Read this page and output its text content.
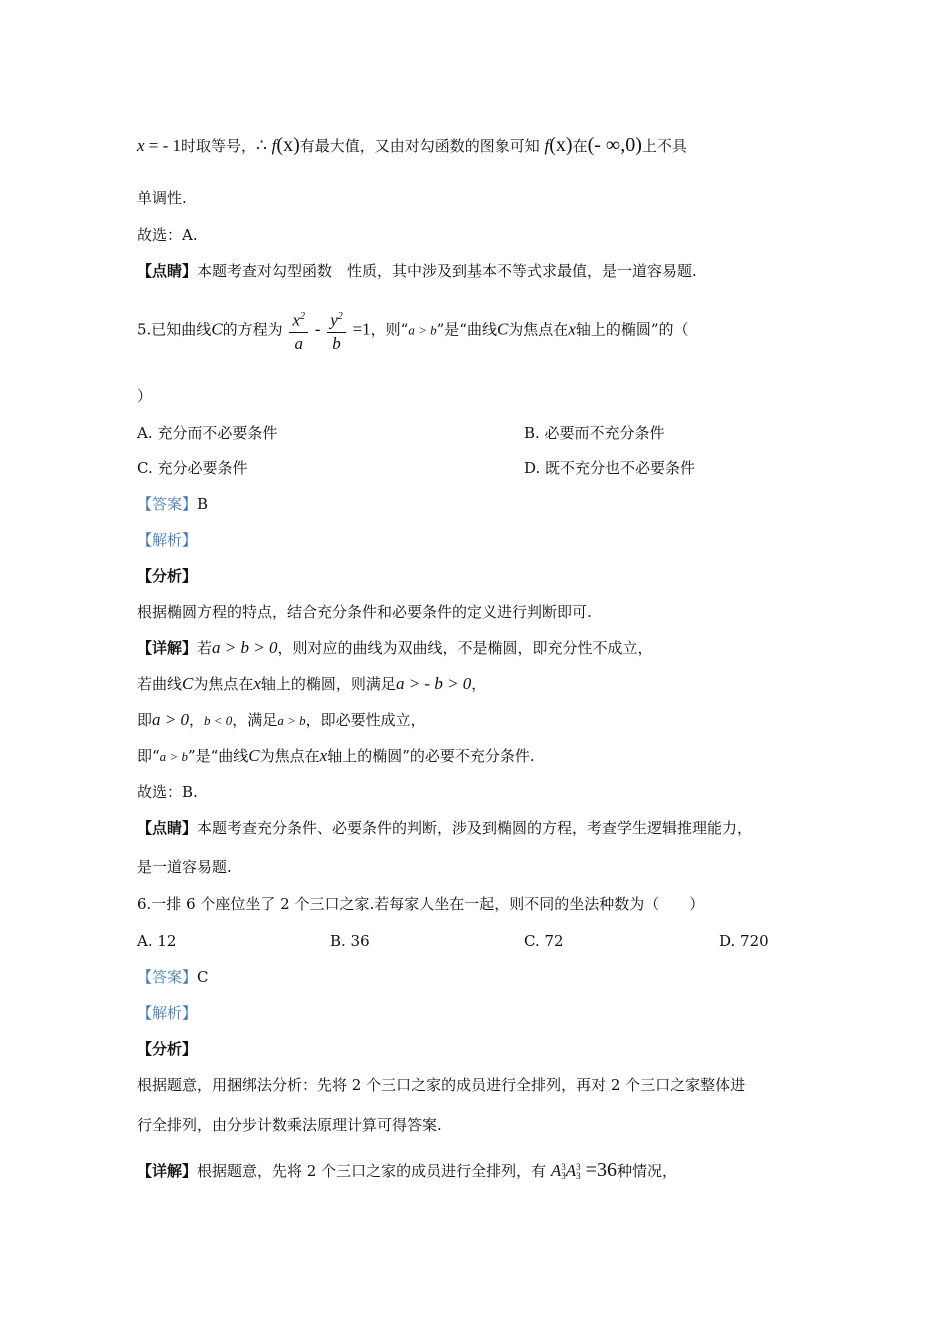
x = - 1时取等号，∴ f(x)有最大值，又由对勾函数的图象可知 f(x)在(- ∞,0)上不具
单调性.
故选：A.
【点睛】本题考查对勾型函数　性质，其中涉及到基本不等式求最值，是一道容易题.
5.已知曲线C的方程为 $\frac{x^2}{a} - \frac{y^2}{b} =1$，则“a > b”是“曲线C为焦点在x轴上的椭圆”的（
）
A. 充分而不必要条件	B. 必要而不充分条件
C. 充分必要条件	D. 既不充分也不必要条件
【答案】B
【解析】
【分析】
根据椭圆方程的特点，结合充分条件和必要条件的定义进行判断即可.
【详解】若a > b > 0，则对应的曲线为双曲线，不是椭圆，即充分性不成立，
若曲线C为焦点在x轴上的椭圆，则满足a > - b > 0，
即a > 0，b < 0，满足a > b，即必要性成立，
即“a > b”是“曲线C为焦点在x轴上的椭圆”的必要不充分条件.
故选：B.
【点睛】本题考查充分条件、必要条件的判断，涉及到椭圆的方程，考查学生逻辑推理能力，
是一道容易题.
6.一排 6 个座位坐了 2 个三口之家.若每家人坐在一起，则不同的坐法种数为（　　）
A. 12	B. 36	C. 72	D. 720
【答案】C
【解析】
【分析】
根据题意，用捆绑法分析：先将 2 个三口之家的成员进行全排列，再对 2 个三口之家整体进
行全排列，由分步计数乘法原理计算可得答案.
【详解】根据题意，先将 2 个三口之家的成员进行全排列，有 A 3
3 A 3
3 =36种情况，
